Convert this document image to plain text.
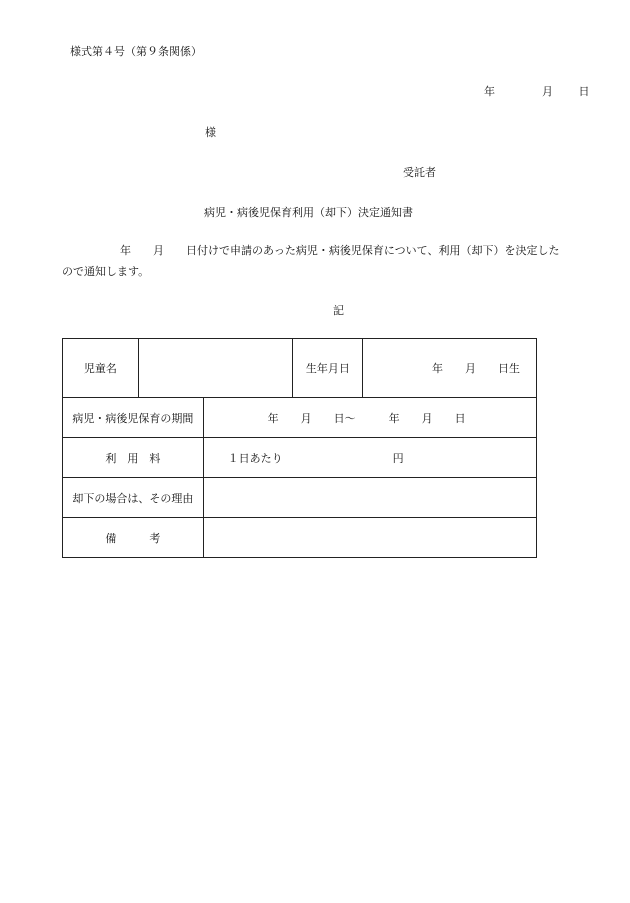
様式第４号（第９条関係）
年	月 日
様
受託者
病児・病後児保育利用（却下）決定通知書
年　　月　　日付けで申請のあった病児・病後児保育について、利用（却下）を決定したので通知します。
記
児童名			生年月日	年　　月　　日生
病児・病後児保育の期間		年　　月　　日～　　　年　　月　　日		
利　用　料		１日あたり　　　　　　　　　　円		
却下の場合は、その理由				
備　　　考				
